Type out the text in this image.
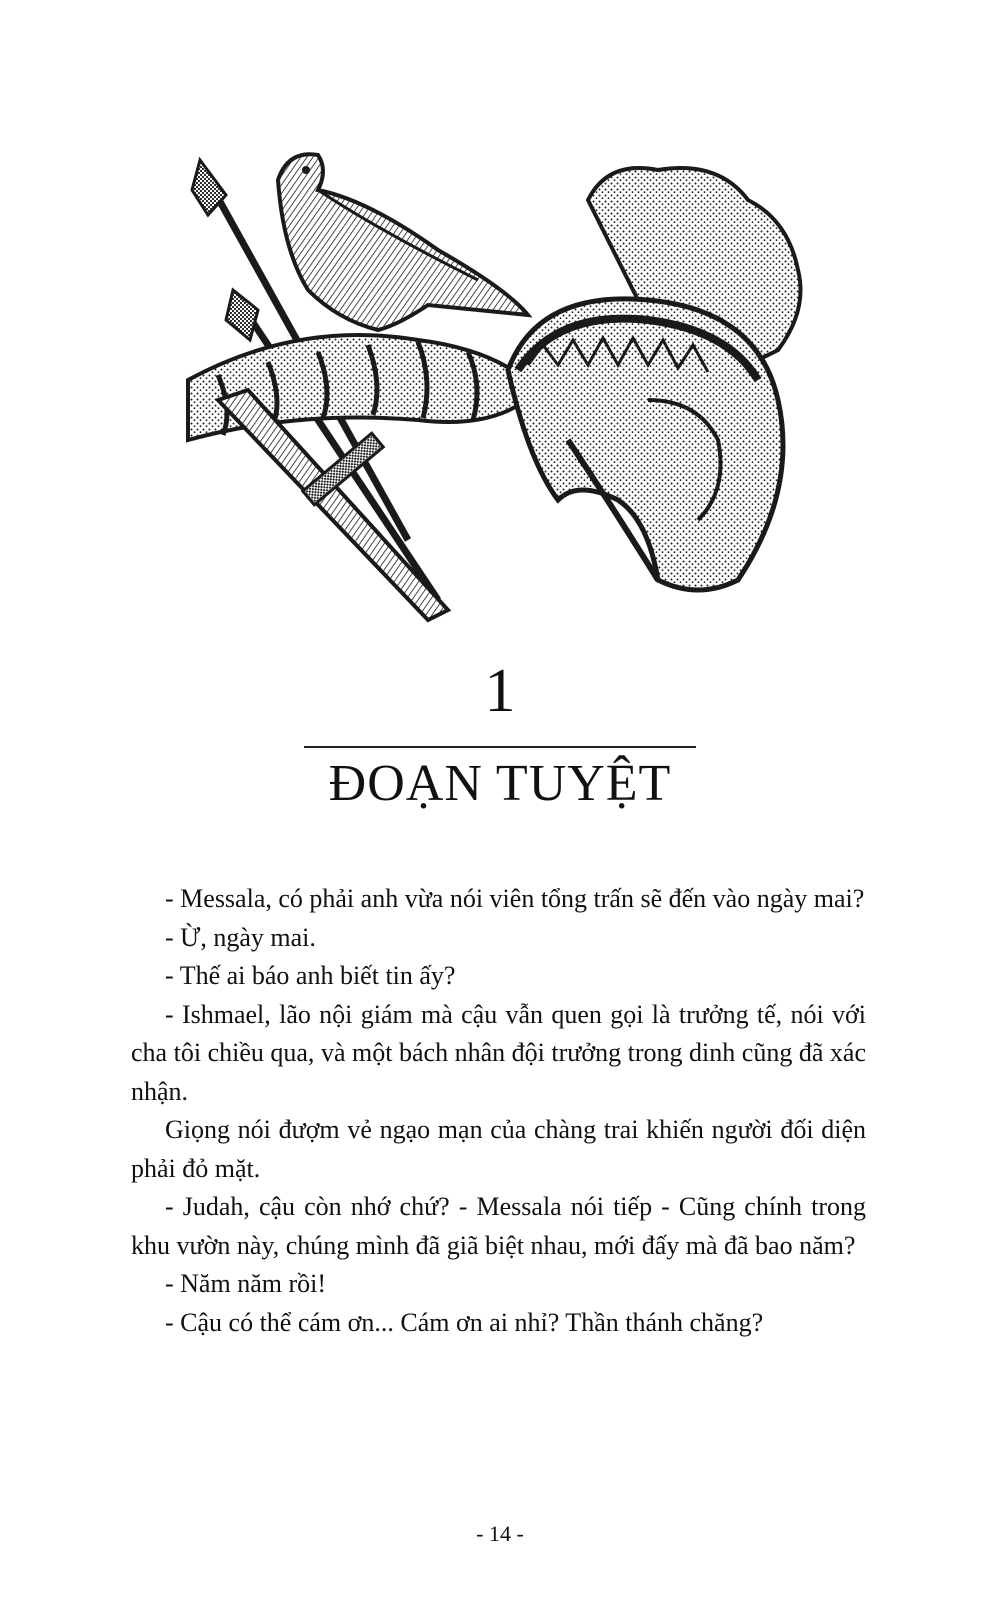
1
ĐOẠN TUYỆT

- Messala, có phải anh vừa nói viên tổng trấn sẽ đến vào ngày mai?

- Ừ, ngày mai.

- Thế ai báo anh biết tin ấy?

- Ishmael, lão nội giám mà cậu vẫn quen gọi là trưởng tế, nói với cha tôi chiều qua, và một bách nhân đội trưởng trong dinh cũng đã xác nhận.

Giọng nói đượm vẻ ngạo mạn của chàng trai khiến người đối diện phải đỏ mặt.

- Judah, cậu còn nhớ chứ? - Messala nói tiếp - Cũng chính trong khu vườn này, chúng mình đã giã biệt nhau, mới đấy mà đã bao năm?

- Năm năm rồi!

- Cậu có thể cám ơn... Cám ơn ai nhỉ? Thần thánh chăng?

- 14 -
